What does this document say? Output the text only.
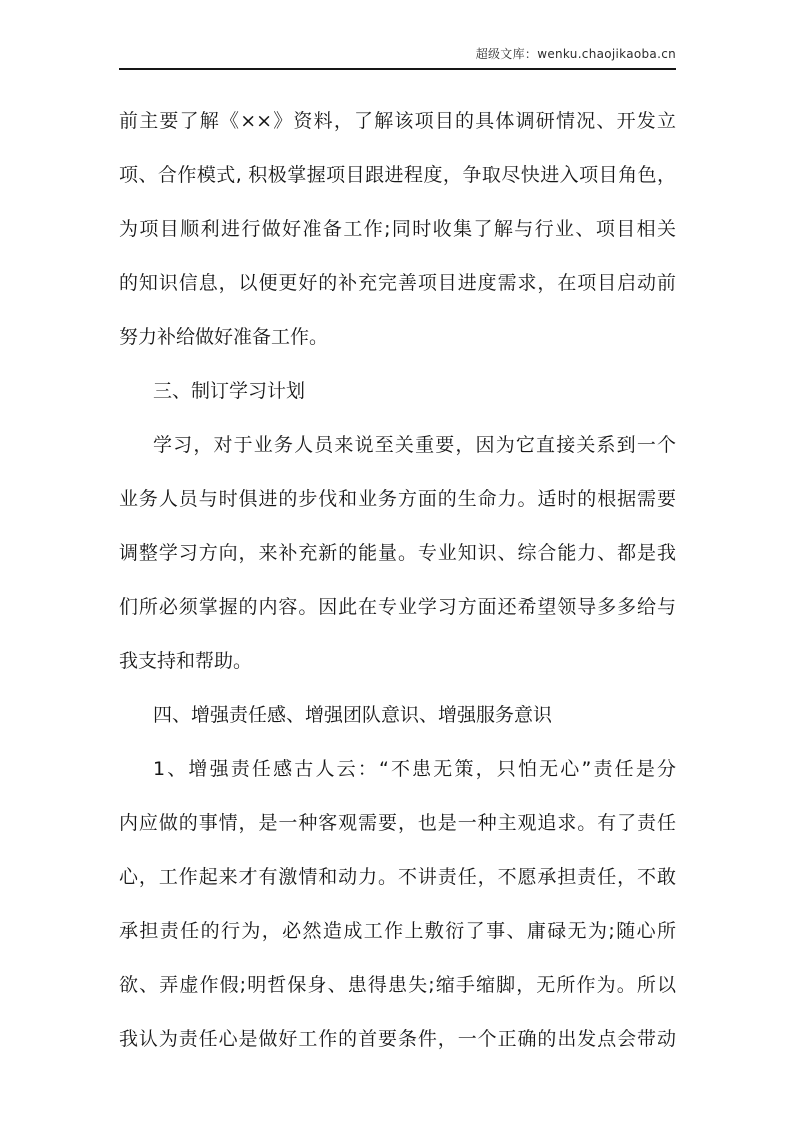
超级文库：wenku.chaojikaoba.cn
前主要了解《××》资料，了解该项目的具体调研情况、开发立
项、合作模式, 积极掌握项目跟进程度，争取尽快进入项目角色，
为项目顺利进行做好准备工作;同时收集了解与行业、项目相关
的知识信息，以便更好的补充完善项目进度需求，在项目启动前
努力补给做好准备工作。
三、制订学习计划
学习，对于业务人员来说至关重要，因为它直接关系到一个
业务人员与时俱进的步伐和业务方面的生命力。适时的根据需要
调整学习方向，来补充新的能量。专业知识、综合能力、都是我
们所必须掌握的内容。因此在专业学习方面还希望领导多多给与
我支持和帮助。
四、增强责任感、增强团队意识、增强服务意识
1、增强责任感古人云：“不患无策，只怕无心”责任是分
内应做的事情，是一种客观需要，也是一种主观追求。有了责任
心，工作起来才有激情和动力。不讲责任，不愿承担责任，不敢
承担责任的行为，必然造成工作上敷衍了事、庸碌无为;随心所
欲、弄虚作假;明哲保身、患得患失;缩手缩脚，无所作为。所以
我认为责任心是做好工作的首要条件，一个正确的出发点会带动
